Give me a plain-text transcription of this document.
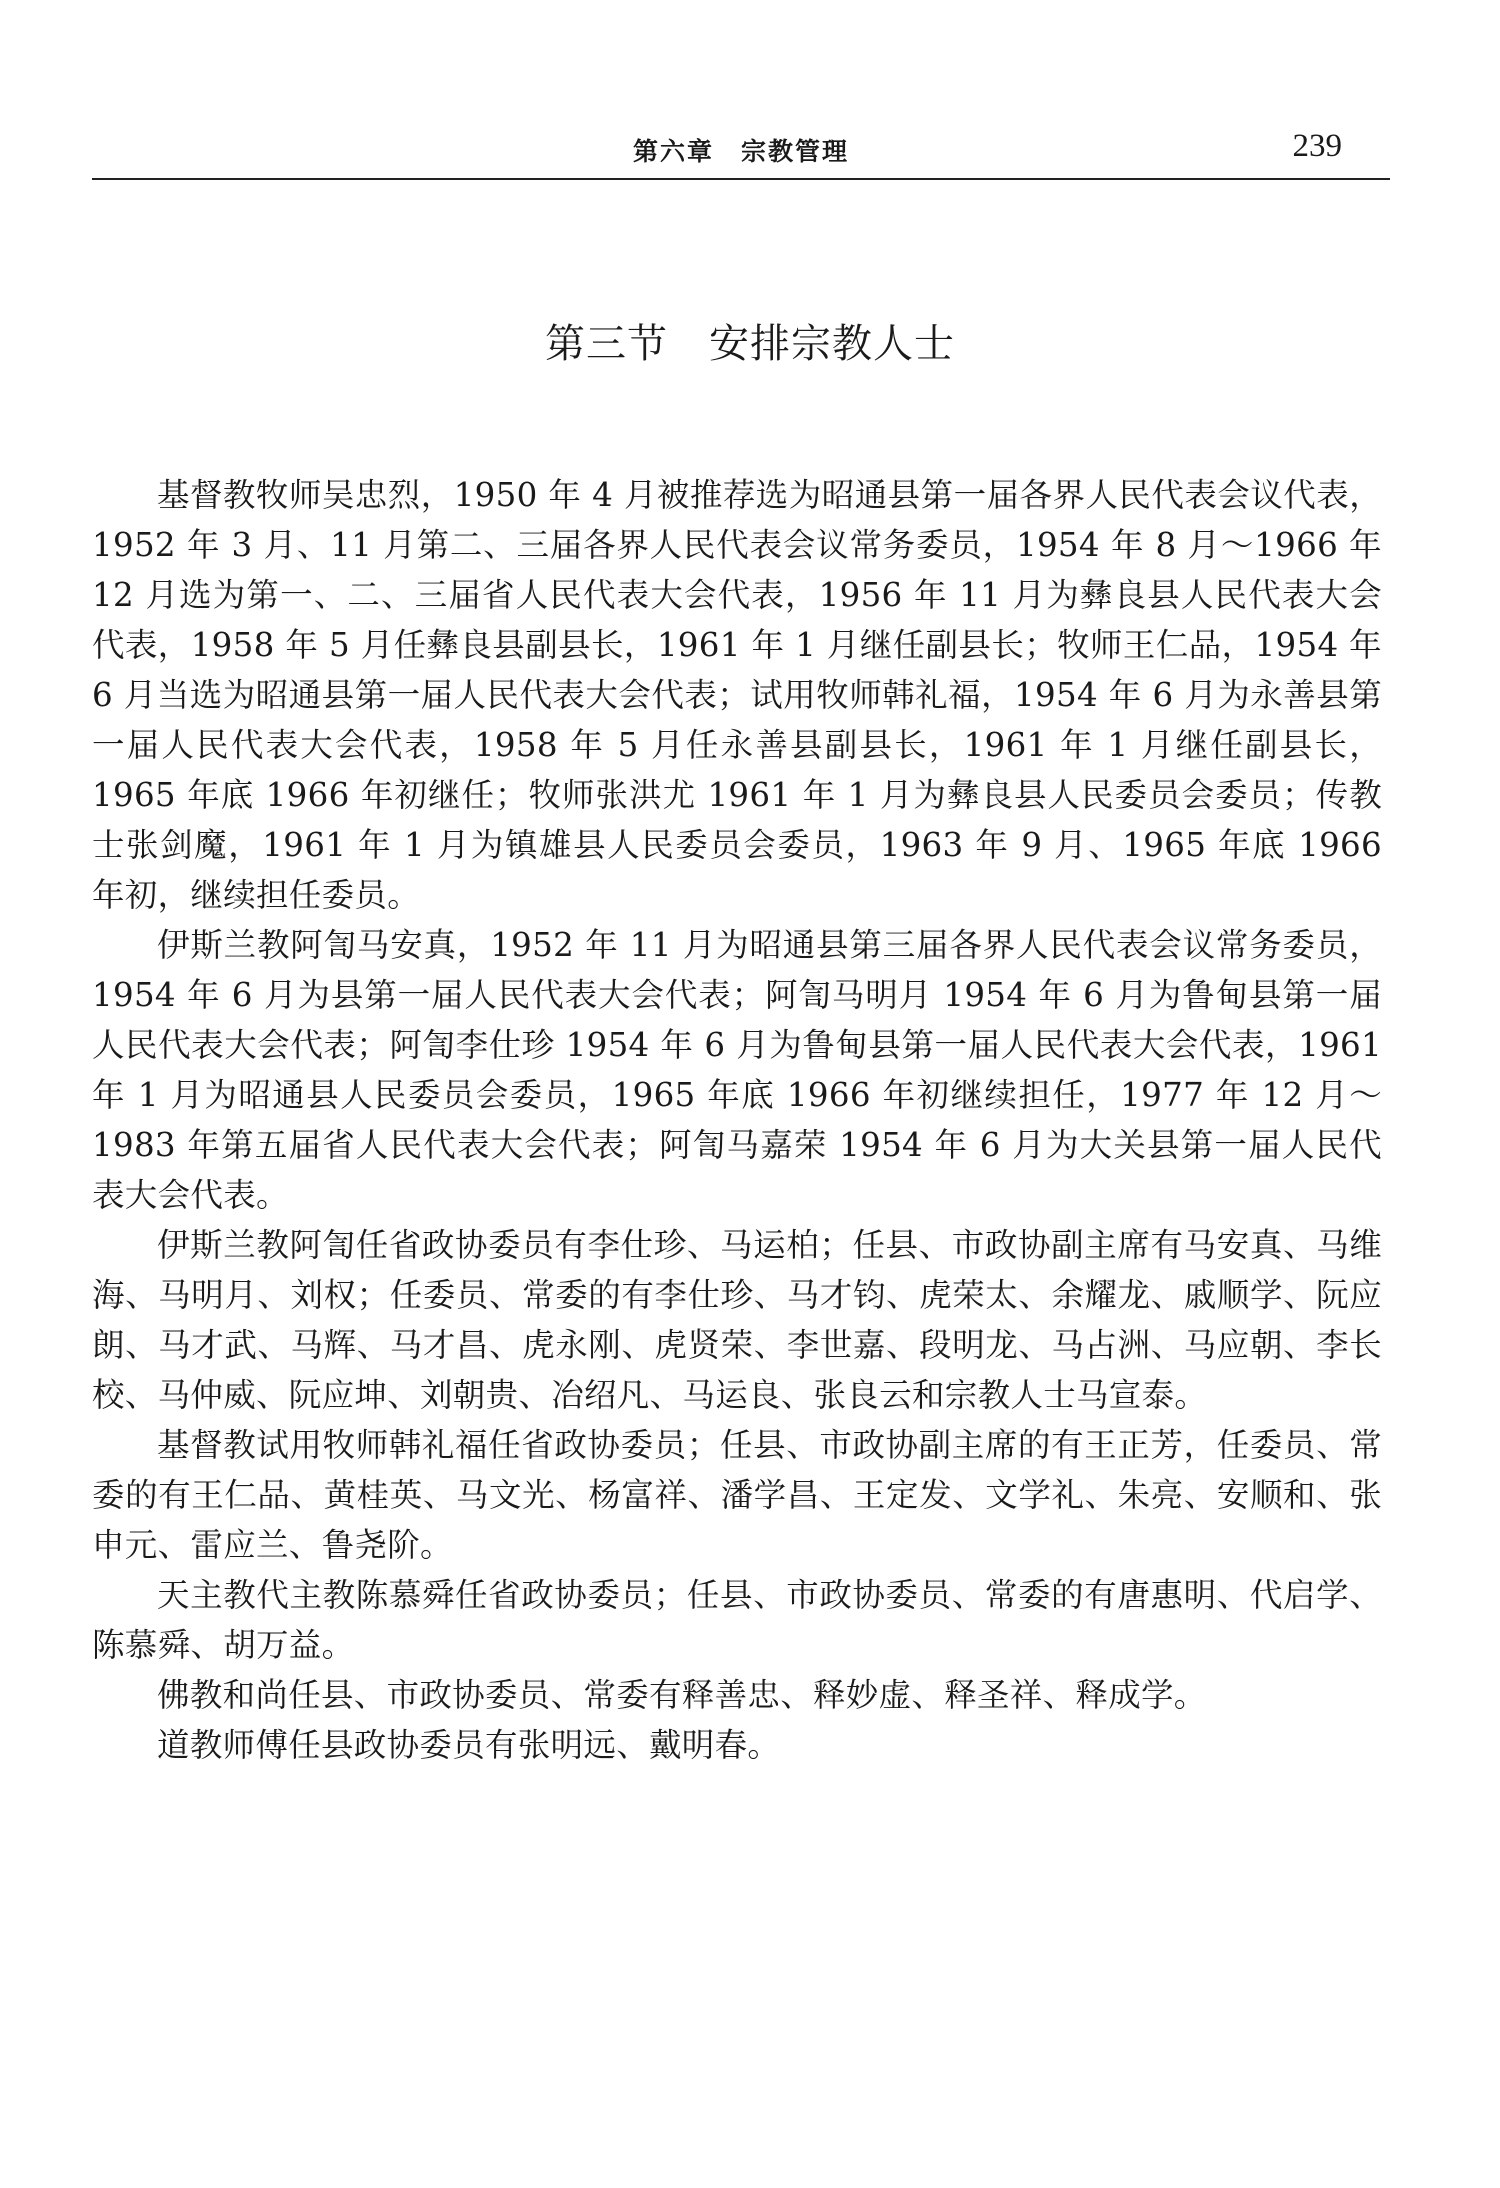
第六章　宗教管理	239
第三节　安排宗教人士

基督教牧师吴忠烈，1950 年 4 月被推荐选为昭通县第一届各界人民代表会议代表，1952 年 3 月、11 月第二、三届各界人民代表会议常务委员，1954 年 8 月～1966 年 12 月选为第一、二、三届省人民代表大会代表，1956 年 11 月为彝良县人民代表大会代表，1958 年 5 月任彝良县副县长，1961 年 1 月继任副县长；牧师王仁品，1954 年 6 月当选为昭通县第一届人民代表大会代表；试用牧师韩礼福，1954 年 6 月为永善县第一届人民代表大会代表，1958 年 5 月任永善县副县长，1961 年 1 月继任副县长，1965 年底 1966 年初继任；牧师张洪尤 1961 年 1 月为彝良县人民委员会委员；传教士张剑魔，1961 年 1 月为镇雄县人民委员会委员，1963 年 9 月、1965 年底 1966 年初，继续担任委员。

伊斯兰教阿訇马安真，1952 年 11 月为昭通县第三届各界人民代表会议常务委员，1954 年 6 月为县第一届人民代表大会代表；阿訇马明月 1954 年 6 月为鲁甸县第一届人民代表大会代表；阿訇李仕珍 1954 年 6 月为鲁甸县第一届人民代表大会代表，1961 年 1 月为昭通县人民委员会委员，1965 年底 1966 年初继续担任，1977 年 12 月～1983 年第五届省人民代表大会代表；阿訇马嘉荣 1954 年 6 月为大关县第一届人民代表大会代表。

伊斯兰教阿訇任省政协委员有李仕珍、马运柏；任县、市政协副主席有马安真、马维海、马明月、刘权；任委员、常委的有李仕珍、马才钧、虎荣太、余耀龙、戚顺学、阮应朗、马才武、马辉、马才昌、虎永刚、虎贤荣、李世嘉、段明龙、马占洲、马应朝、李长校、马仲威、阮应坤、刘朝贵、冶绍凡、马运良、张良云和宗教人士马宣泰。

基督教试用牧师韩礼福任省政协委员；任县、市政协副主席的有王正芳，任委员、常委的有王仁品、黄桂英、马文光、杨富祥、潘学昌、王定发、文学礼、朱亮、安顺和、张申元、雷应兰、鲁尧阶。

天主教代主教陈慕舜任省政协委员；任县、市政协委员、常委的有唐惠明、代启学、陈慕舜、胡万益。

佛教和尚任县、市政协委员、常委有释善忠、释妙虚、释圣祥、释成学。

道教师傅任县政协委员有张明远、戴明春。
